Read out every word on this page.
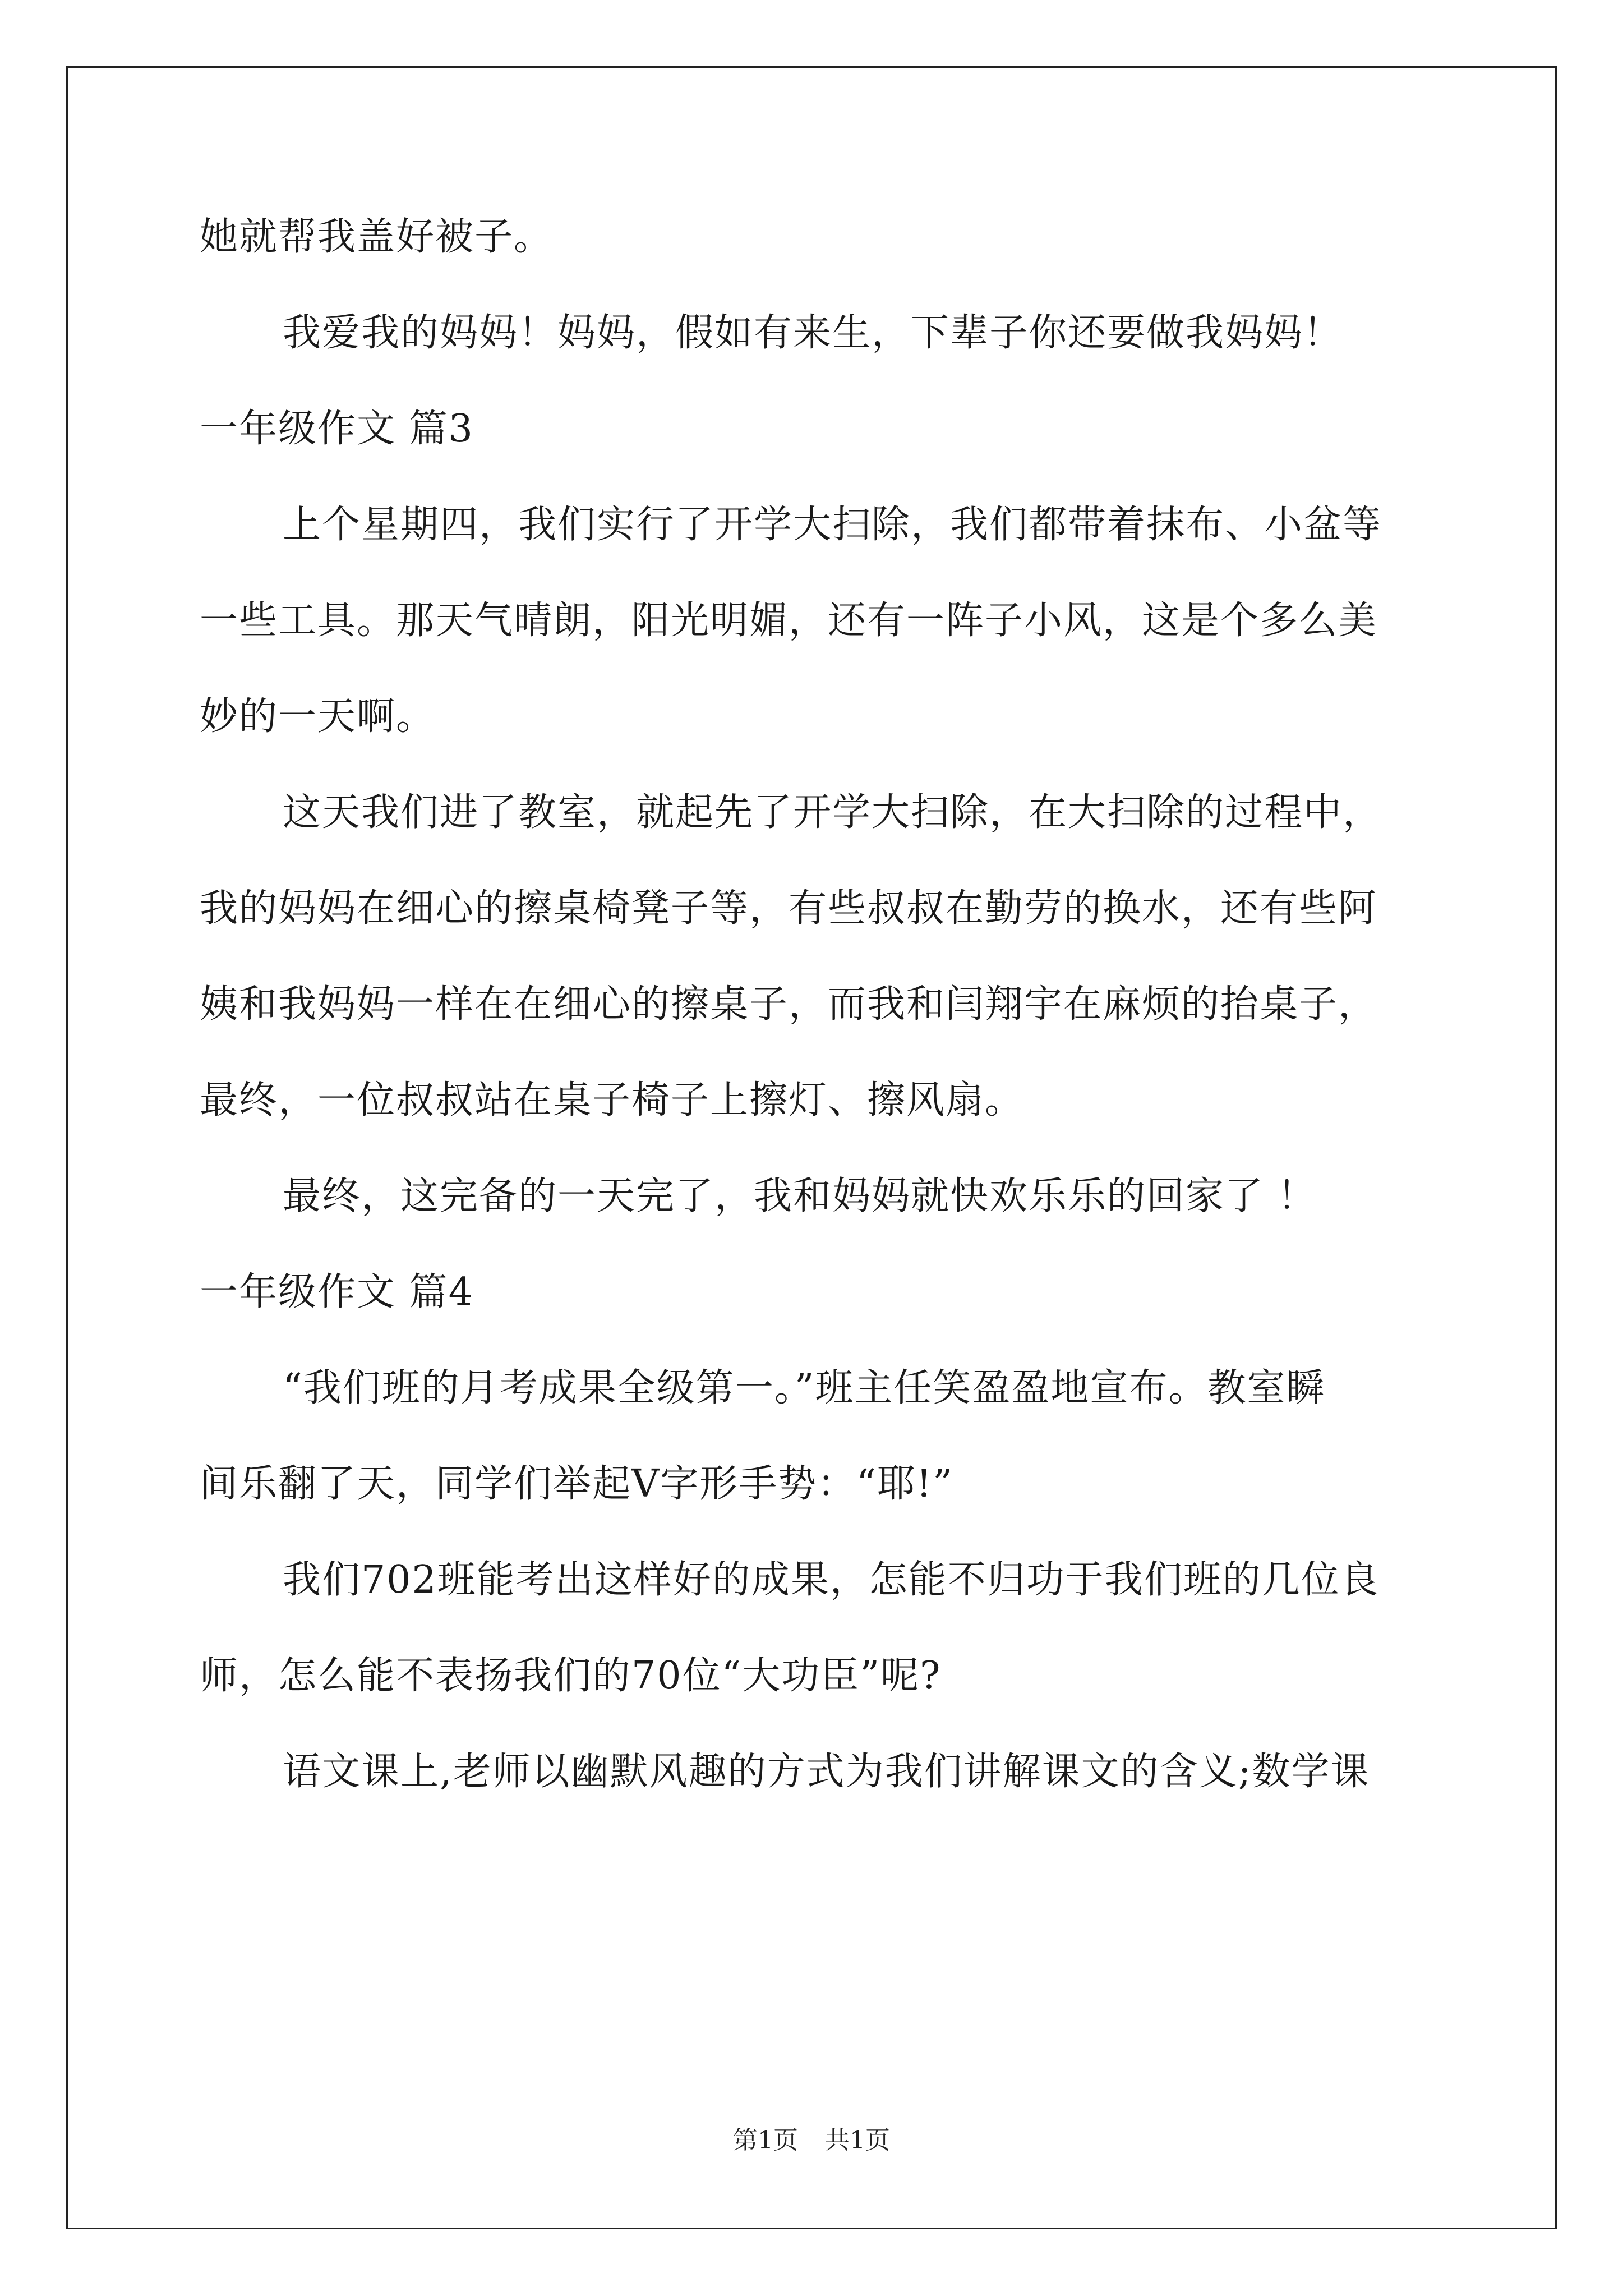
她就帮我盖好被子。
我爱我的妈妈！妈妈，假如有来生，下辈子你还要做我妈妈！
一年级作文 篇3
上个星期四，我们实行了开学大扫除，我们都带着抹布、小盆等
一些工具。那天气晴朗，阳光明媚，还有一阵子小风，这是个多么美
妙的一天啊。
这天我们进了教室，就起先了开学大扫除，在大扫除的过程中，
我的妈妈在细心的擦桌椅凳子等，有些叔叔在勤劳的换水，还有些阿
姨和我妈妈一样在在细心的擦桌子，而我和闫翔宇在麻烦的抬桌子，
最终，一位叔叔站在桌子椅子上擦灯、擦风扇。
最终，这完备的一天完了，我和妈妈就快欢乐乐的回家了 ！
一年级作文 篇4
“我们班的月考成果全级第一。”班主任笑盈盈地宣布。教室瞬
间乐翻了天，同学们举起V字形手势：“耶!”
我们702班能考出这样好的成果，怎能不归功于我们班的几位良
师，怎么能不表扬我们的70位“大功臣”呢?
语文课上,老师以幽默风趣的方式为我们讲解课文的含义;数学课
第1页 共1页
